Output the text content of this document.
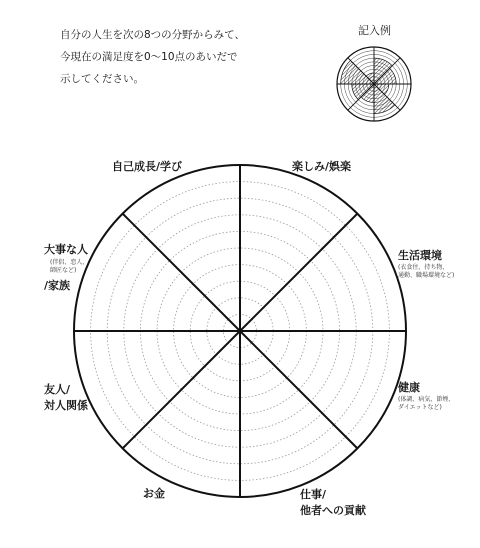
自分の人生を次の8つの分野からみて、
今現在の満足度を0〜10点のあいだで
示してください。
記入例
自己成長/学び	楽しみ/娯楽
生活環境
(衣食住、持ち物、
通勤、職場環境など)
健康
(体調、病気、節煙、
ダイエットなど)
仕事/
他者への貢献
お金
友人/
対人関係
大事な人
(伴侶、恋人、
師匠など)
/家族
